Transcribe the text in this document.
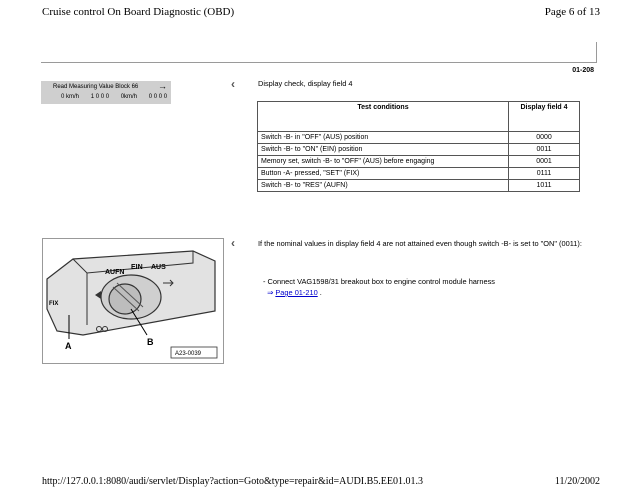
Cruise control On Board Diagnostic (OBD)	Page 6 of 13
01-208
Read Measuring Value Block 66 →
0 km/h 1 0 0 0 0km/h 0 0 0 0
‹	Display check, display field 4
Test conditions	Display field 4
Switch -B- in "OFF" (AUS) position	0000
Switch -B- to "ON" (EIN) position	0011
Memory set, switch -B- to "OFF" (AUS) before engaging	0001
Button -A- pressed, "SET" (FIX)	0111
Switch -B- to "RES" (AUFN)	1011
AUFN
EIN AUS
FIX
A	B
A23-0039
‹	If the nominal values in display field 4 are not attained even though switch -B- is set to "ON" (0011):
- Connect VAG1598/31 breakout box to engine control module harness
⇒ Page 01-210 .
http://127.0.0.1:8080/audi/servlet/Display?action=Goto&type=repair&id=AUDI.B5.EE01.01.3	11/20/2002
